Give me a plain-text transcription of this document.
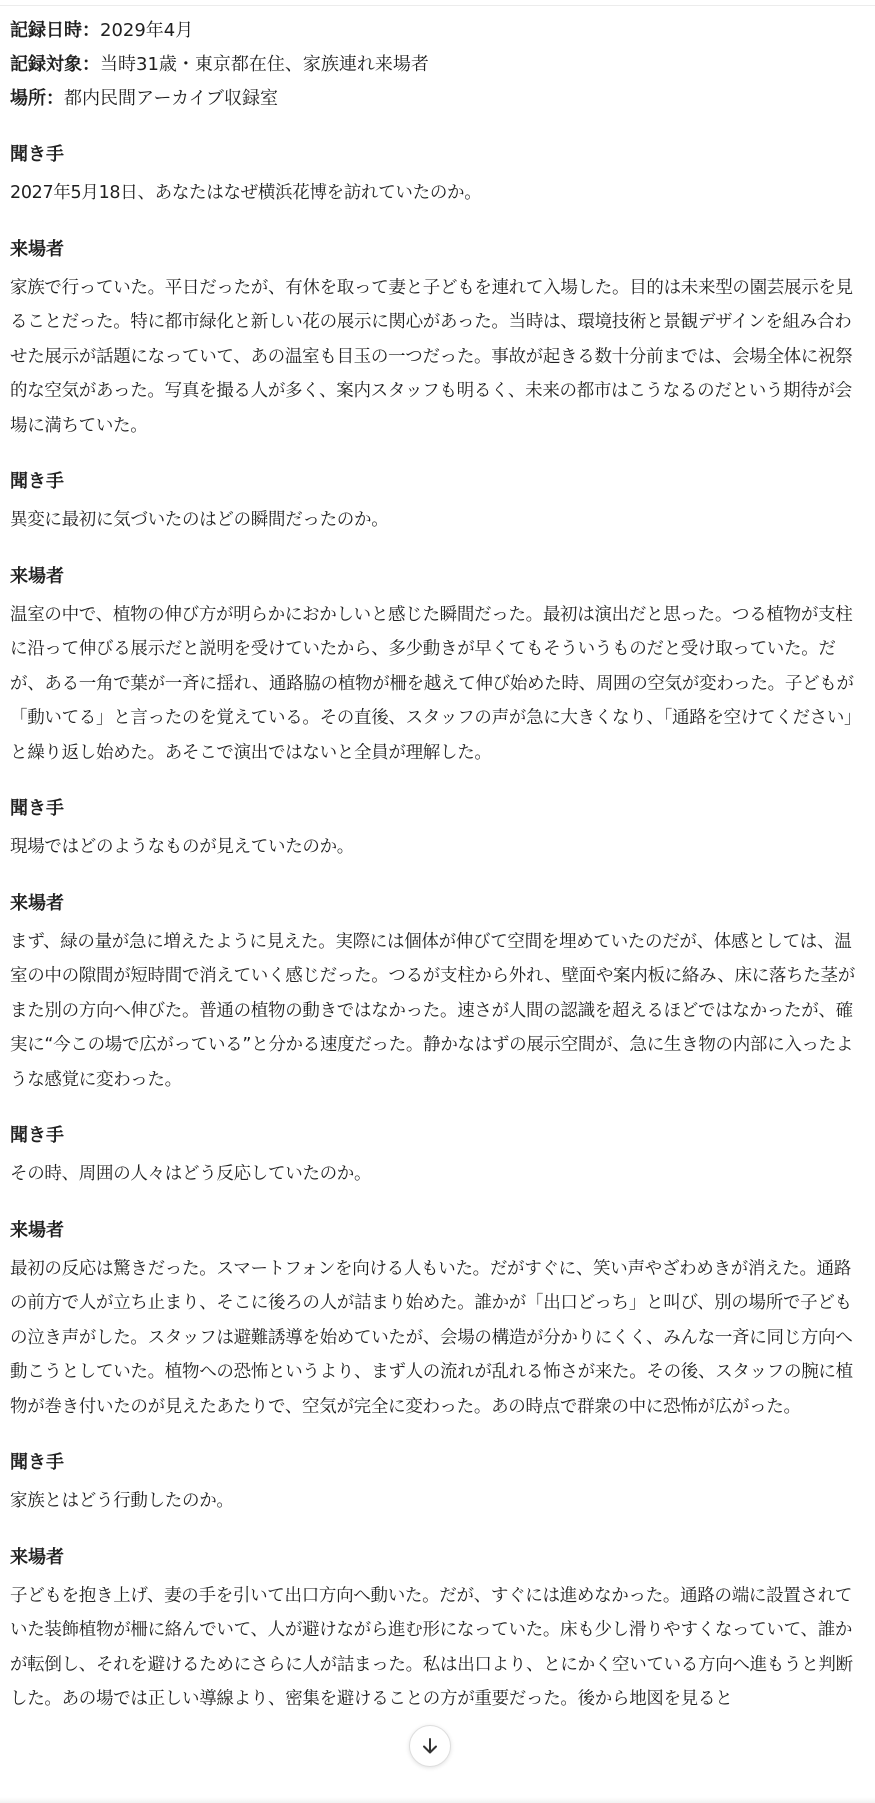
記録日時：2029年4月
記録対象：当時31歳・東京都在住、家族連れ来場者
場所：都内民間アーカイブ収録室
聞き手

2027年5月18日、あなたはなぜ横浜花博を訪れていたのか。

来場者

家族で行っていた。平日だったが、有休を取って妻と子どもを連れて入場した。目的は未来型の園芸展示を見ることだった。特に都市緑化と新しい花の展示に関心があった。当時は、環境技術と景観デザインを組み合わせた展示が話題になっていて、あの温室も目玉の一つだった。事故が起きる数十分前までは、会場全体に祝祭的な空気があった。写真を撮る人が多く、案内スタッフも明るく、未来の都市はこうなるのだという期待が会場に満ちていた。

聞き手

異変に最初に気づいたのはどの瞬間だったのか。

来場者

温室の中で、植物の伸び方が明らかにおかしいと感じた瞬間だった。最初は演出だと思った。つる植物が支柱に沿って伸びる展示だと説明を受けていたから、多少動きが早くてもそういうものだと受け取っていた。だが、ある一角で葉が一斉に揺れ、通路脇の植物が柵を越えて伸び始めた時、周囲の空気が変わった。子どもが「動いてる」と言ったのを覚えている。その直後、スタッフの声が急に大きくなり、「通路を空けてください」と繰り返し始めた。あそこで演出ではないと全員が理解した。

聞き手

現場ではどのようなものが見えていたのか。

来場者

まず、緑の量が急に増えたように見えた。実際には個体が伸びて空間を埋めていたのだが、体感としては、温室の中の隙間が短時間で消えていく感じだった。つるが支柱から外れ、壁面や案内板に絡み、床に落ちた茎がまた別の方向へ伸びた。普通の植物の動きではなかった。速さが人間の認識を超えるほどではなかったが、確実に“今この場で広がっている”と分かる速度だった。静かなはずの展示空間が、急に生き物の内部に入ったような感覚に変わった。

聞き手

その時、周囲の人々はどう反応していたのか。

来場者

最初の反応は驚きだった。スマートフォンを向ける人もいた。だがすぐに、笑い声やざわめきが消えた。通路の前方で人が立ち止まり、そこに後ろの人が詰まり始めた。誰かが「出口どっち」と叫び、別の場所で子どもの泣き声がした。スタッフは避難誘導を始めていたが、会場の構造が分かりにくく、みんな一斉に同じ方向へ動こうとしていた。植物への恐怖というより、まず人の流れが乱れる怖さが来た。その後、スタッフの腕に植物が巻き付いたのが見えたあたりで、空気が完全に変わった。あの時点で群衆の中に恐怖が広がった。

聞き手

家族とはどう行動したのか。

来場者

子どもを抱き上げ、妻の手を引いて出口方向へ動いた。だが、すぐには進めなかった。通路の端に設置されていた装飾植物が柵に絡んでいて、人が避けながら進む形になっていた。床も少し滑りやすくなっていて、誰かが転倒し、それを避けるためにさらに人が詰まった。私は出口より、とにかく空いている方向へ進もうと判断した。あの場では正しい導線より、密集を避けることの方が重要だった。後から地図を見ると
